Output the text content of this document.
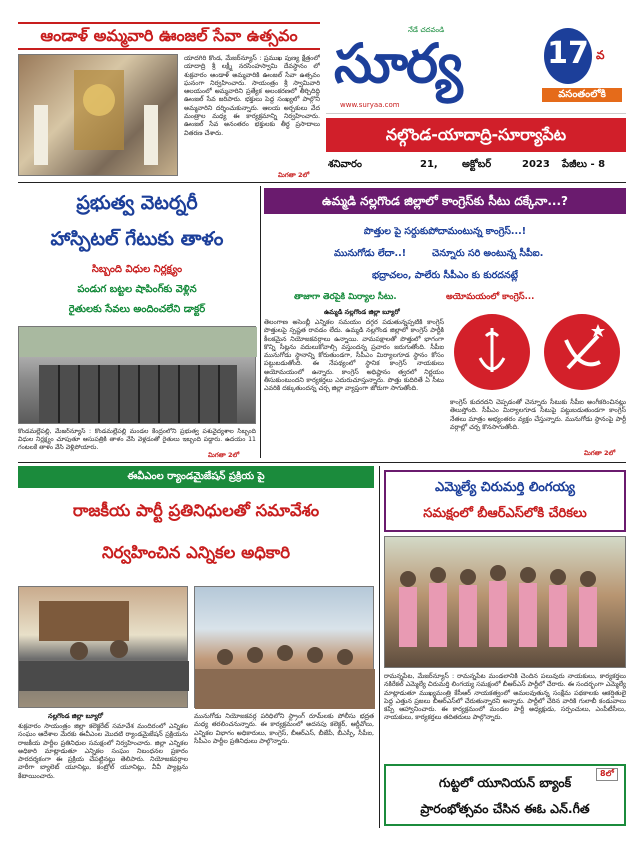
ఆండాళ్ అమ్మవారి ఊంజల్ సేవా ఉత్సవం
యాదగిరి కొండ, మేజర్‌న్యూస్ : ప్రముఖ పుణ్య క్షేత్రంలో యాదాద్రి శ్రీ లక్ష్మీ నరసింహస్వామి దేవస్థానం లో శుక్రవారం ఆండాళ్ అమ్మవారికి ఊంజల్ సేవా ఉత్సవం ఘనంగా నిర్వహించారు. సాయంత్రం శ్రీ స్వామివారి ఆలయంలో అమ్మవారిని ప్రత్యేక అలంకరణలో తీర్చిదిద్ది ఊంజల్ సేవ జరిపారు. భక్తులు పెద్ద సంఖ్యలో పాల్గొని అమ్మవారిని దర్శించుకున్నారు. ఆలయ అర్చకులు వేద మంత్రాల మధ్య ఈ కార్యక్రమాన్ని నిర్వహించారు. ఊంజల్ సేవ అనంతరం భక్తులకు తీర్థ ప్రసాదాలు వితరణ చేశారు.
మిగతా 2లో
నేడే చదవండి
సూర్య
www.suryaa.com
17 వ
వసంతంలోకి
నల్గొండ-యాదాద్రి-సూర్యాపేట
శనివారం	21, అక్టోబర్	2023 పేజీలు - 8
ప్రభుత్వ వెటర్నరీ
హాస్పిటల్ గేటుకు తాళం
సిబ్బంది విధుల నిర్లక్ష్యం
పండుగ బట్టల షాపింగ్‌కు వెళ్లిన
రైతులకు సేవలు అందించలేని డాక్టర్
కొండమల్లేపల్లి, మేజర్‌న్యూస్ : కొండమల్లేపల్లి మండల కేంద్రంలోని ప్రభుత్వ పశువైద్యశాల సిబ్బంది విధుల నిర్లక్ష్యం చూపుతూ ఆసుపత్రికి తాళం వేసి వెళ్లడంతో రైతులు ఇబ్బంది పడ్డారు. ఉదయం 11 గంటలకే తాళం వేసి వెళ్లిపోయారు.
మిగతా 2లో
ఉమ్మడి నల్లగొండ జిల్లాలో కాంగ్రెస్‌కు సీటు దక్కేనా...?
పొత్తుల పై సర్దుకుపోదామంటున్న కాంగ్రెస్...!
మునుగోడు లేదా..!	చెన్నూరు సరి అంటున్న సీపీఐ.
భద్రాచలం, పాలేరు సీపీఎం కు కురదనట్లే
తాజాగా తెరపైకి మిర్యాల సీటు.	అయోమయంలో కాంగ్రెస్...
ఉమ్మడి నల్లగొండ జిల్లా బ్యూరో
తెలంగాణ అసెంబ్లీ ఎన్నికల సమయం దగ్గర పడుతున్నప్పటికి కాంగ్రెస్ పొత్తులపై స్పష్టత రావడం లేదు. ఉమ్మడి నల్లగొండ జిల్లాలో కాంగ్రెస్ పార్టీకి కీలకమైన నియోజకవర్గాలు ఉన్నాయి. వామపక్షాలతో పొత్తులో భాగంగా కొన్ని సీట్లను వదులుకోవాల్సి వస్తుందన్న ప్రచారం జరుగుతోంది. సీపీఐ మునుగోడు స్థానాన్ని కోరుతుండగా, సీపీఎం మిర్యాలగూడ స్థానం కోసం పట్టుబడుతోంది. ఈ నేపథ్యంలో స్థానిక కాంగ్రెస్ నాయకులు అయోమయంలో ఉన్నారు. కాంగ్రెస్ అధిష్టానం త్వరలో నిర్ణయం తీసుకుంటుందని కార్యకర్తలు ఎదురుచూస్తున్నారు. పొత్తు కుదిరితే ఏ సీటు ఎవరికి దక్కుతుందన్న చర్చ జిల్లా వ్యాప్తంగా జోరుగా సాగుతోంది.
కాంగ్రెస్ కుదరదని చెప్పడంతో చెన్నూరు సీటుకు సీపీఐ అంగీకరించినట్లు తెలుస్తోంది. సీపీఎం మిర్యాలగూడ సీటుపై పట్టుబడుతుండగా కాంగ్రెస్ నేతలు మాత్రం అభ్యంతరం వ్యక్తం చేస్తున్నారు. మునుగోడు స్థానంపై పార్టీ వర్గాల్లో చర్చ కొనసాగుతోంది.
మిగతా 2లో
ఈవీఎంల ర్యాండమైజేషన్ ప్రక్రియ పై
రాజకీయ పార్టీ ప్రతినిధులతో సమావేశం
నిర్వహించిన ఎన్నికల అధికారి
నల్లగొండ జిల్లా బ్యూరో
శుక్రవారం సాయంత్రం జిల్లా కలెక్టరేట్ సమావేశ మందిరంలో ఎన్నికల సంఘం ఆదేశాల మేరకు ఈవీఎంల మొదటి ర్యాండమైజేషన్ ప్రక్రియను రాజకీయ పార్టీల ప్రతినిధుల సమక్షంలో నిర్వహించారు. జిల్లా ఎన్నికల అధికారి మాట్లాడుతూ ఎన్నికల సంఘం నిబంధనల ప్రకారం పారదర్శకంగా ఈ ప్రక్రియ చేపట్టినట్లు తెలిపారు. నియోజకవర్గాల వారీగా బ్యాలెట్ యూనిట్లు, కంట్రోల్ యూనిట్లు, వీవీ ప్యాట్లను కేటాయించారు.
మునుగోడు నియోజకవర్గ పరిధిలోని స్ట్రాంగ్ రూమ్‌లకు పోలీసు భద్రత మధ్య తరలించనున్నారు. ఈ కార్యక్రమంలో అదనపు కలెక్టర్, ఆర్డీవోలు, ఎన్నికల విభాగం అధికారులు, కాంగ్రెస్, బీఆర్ఎస్, బీజేపీ, బీఎస్పీ, సీపీఐ, సీపీఎం పార్టీల ప్రతినిధులు పాల్గొన్నారు.
ఎమ్మెల్యే చిరుమర్తి లింగయ్య
సమక్షంలో బీఆర్‌ఎస్‌లోకి చేరికలు
రామన్నపేట, మేజర్‌న్యూస్ : రామన్నపేట మండలానికి చెందిన పలువురు నాయకులు, కార్యకర్తలు నకిరేకల్ ఎమ్మెల్యే చిరుమర్తి లింగయ్య సమక్షంలో బీఆర్‌ఎస్ పార్టీలో చేరారు. ఈ సందర్భంగా ఎమ్మెల్యే మాట్లాడుతూ ముఖ్యమంత్రి కేసీఆర్ నాయకత్వంలో అమలవుతున్న సంక్షేమ పథకాలకు ఆకర్షితులై పెద్ద ఎత్తున ప్రజలు బీఆర్‌ఎస్‌లో చేరుతున్నారని అన్నారు. పార్టీలో చేరిన వారికి గులాబీ కండువాలు కప్పి ఆహ్వానించారు. ఈ కార్యక్రమంలో మండల పార్టీ అధ్యక్షుడు, సర్పంచులు, ఎంపీటీసీలు, నాయకులు, కార్యకర్తలు తదితరులు పాల్గొన్నారు.
8లో
గుట్టలో యూనియన్ బ్యాంక్
ప్రారంభోత్సవం చేసిన ఈఓ ఎన్.గీత
